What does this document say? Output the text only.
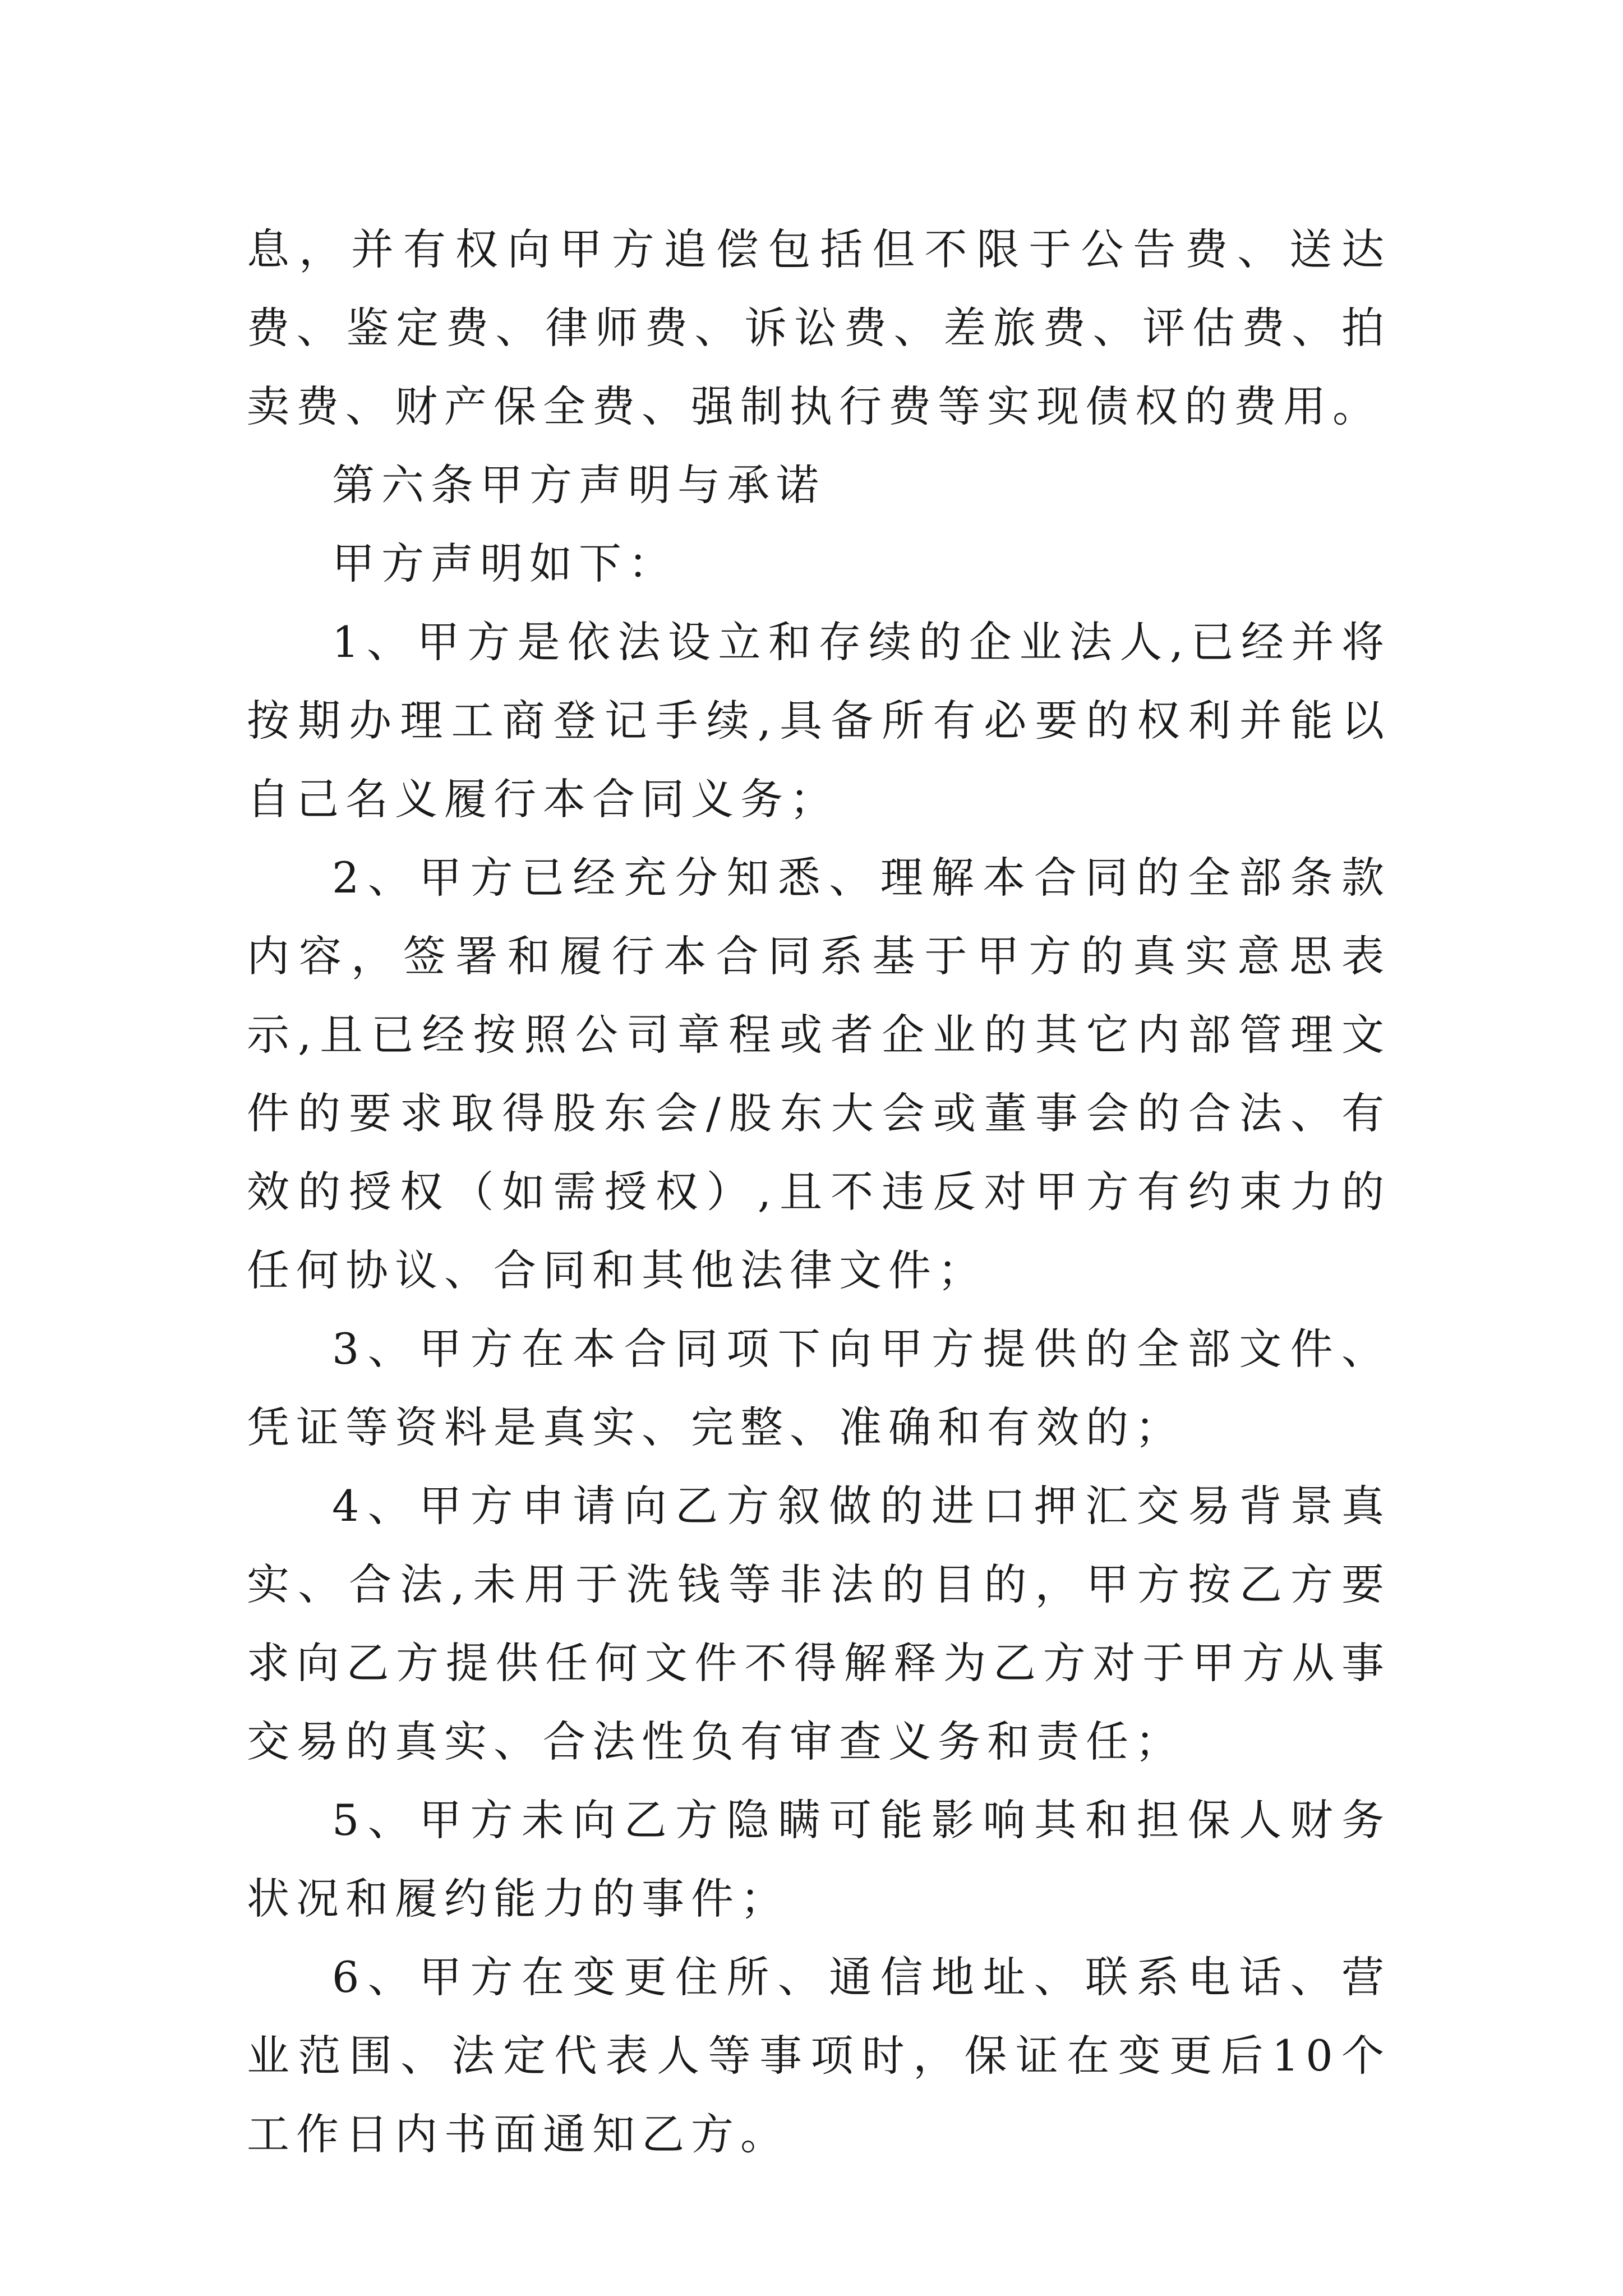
息，并有权向甲方追偿包括但不限于公告费、送达费、鉴定费、律师费、诉讼费、差旅费、评估费、拍卖费、财产保全费、强制执行费等实现债权的费用。

第六条甲方声明与承诺

甲方声明如下：

1、甲方是依法设立和存续的企业法人,已经并将按期办理工商登记手续,具备所有必要的权利并能以自己名义履行本合同义务；

2、甲方已经充分知悉、理解本合同的全部条款内容，签署和履行本合同系基于甲方的真实意思表示,且已经按照公司章程或者企业的其它内部管理文件的要求取得股东会/股东大会或董事会的合法、有效的授权（如需授权）,且不违反对甲方有约束力的任何协议、合同和其他法律文件；

3、甲方在本合同项下向甲方提供的全部文件、凭证等资料是真实、完整、准确和有效的；

4、甲方申请向乙方叙做的进口押汇交易背景真实、合法,未用于洗钱等非法的目的，甲方按乙方要求向乙方提供任何文件不得解释为乙方对于甲方从事交易的真实、合法性负有审查义务和责任；

5、甲方未向乙方隐瞒可能影响其和担保人财务状况和履约能力的事件；

6、甲方在变更住所、通信地址、联系电话、营业范围、法定代表人等事项时，保证在变更后10个工作日内书面通知乙方。
